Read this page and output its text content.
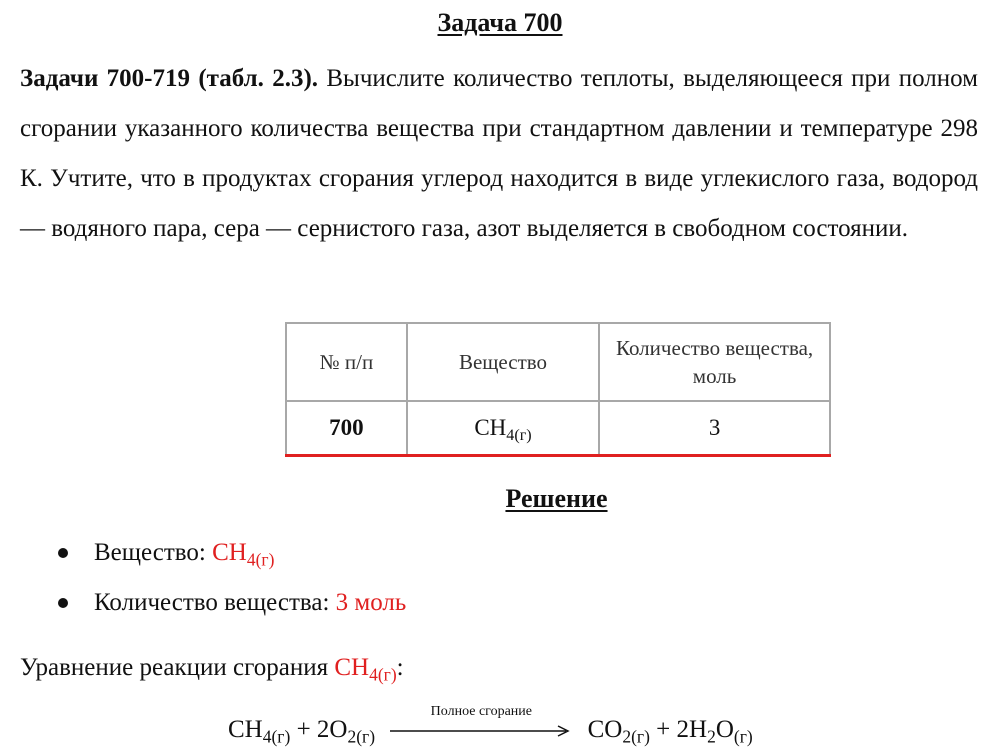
Задача 700

Задачи 700-719 (табл. 2.3). Вычислите количество теплоты, выделяющееся при полном сгорании указанного количества вещества при стандартном давлении и температуре 298 К. Учтите, что в продуктах сгорания углерод находится в виде углекислого газа, водород — водяного пара, сера — сернистого газа, азот выделяется в свободном состоянии.

№ п/п	Вещество	Количество вещества, моль
700	$CH_{4(г)}$	3
Решение
Вещество: $CH_{4(г)}$
Количество вещества: 3 моль
Уравнение реакции сгорания $CH_{4(г)}$:
$CH_{4(г)} + 2O_{2(г)}$
Полное сгорание
$CO_{2(г)} + 2H_2O_{(г)}$
